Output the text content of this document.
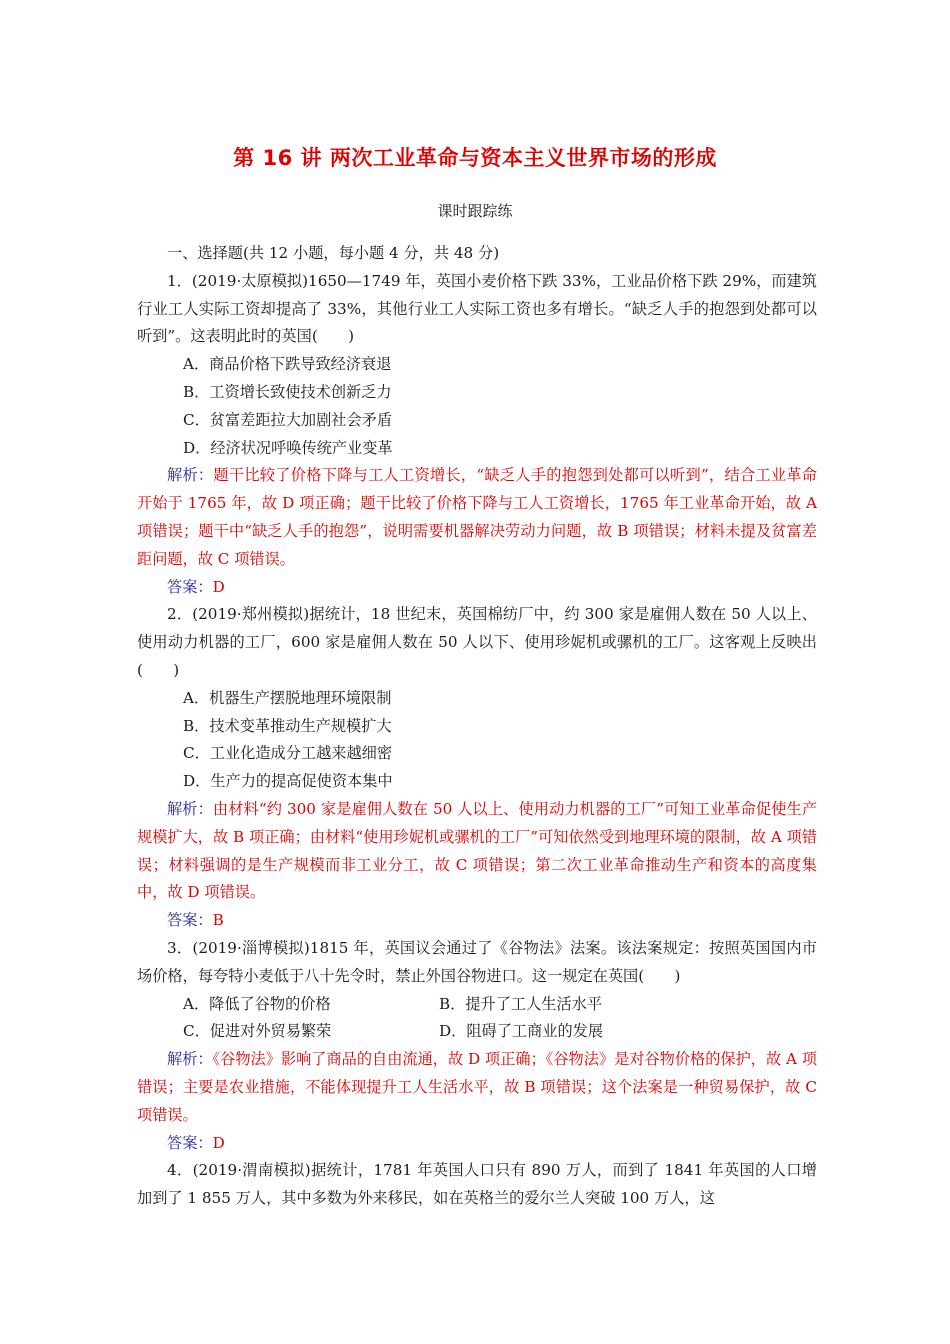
第 16 讲 两次工业革命与资本主义世界市场的形成
课时跟踪练

一、选择题(共 12 小题，每小题 4 分，共 48 分)

1．(2019·太原模拟)1650—1749 年，英国小麦价格下跌 33%，工业品价格下跌 29%，而建筑行业工人实际工资却提高了 33%，其他行业工人实际工资也多有增长。“缺乏人手的抱怨到处都可以听到”。这表明此时的英国(　　)

A．商品价格下跌导致经济衰退

B．工资增长致使技术创新乏力

C．贫富差距拉大加剧社会矛盾

D．经济状况呼唤传统产业变革

解析：题干比较了价格下降与工人工资增长，“缺乏人手的抱怨到处都可以听到”，结合工业革命开始于 1765 年，故 D 项正确；题干比较了价格下降与工人工资增长，1765 年工业革命开始，故 A 项错误；题干中“缺乏人手的抱怨”，说明需要机器解决劳动力问题，故 B 项错误；材料未提及贫富差距问题，故 C 项错误。

答案：D

2．(2019·郑州模拟)据统计，18 世纪末，英国棉纺厂中，约 300 家是雇佣人数在 50 人以上、使用动力机器的工厂，600 家是雇佣人数在 50 人以下、使用珍妮机或骡机的工厂。这客观上反映出(　　)

A．机器生产摆脱地理环境限制

B．技术变革推动生产规模扩大

C．工业化造成分工越来越细密

D．生产力的提高促使资本集中

解析：由材料“约 300 家是雇佣人数在 50 人以上、使用动力机器的工厂”可知工业革命促使生产规模扩大，故 B 项正确；由材料“使用珍妮机或骡机的工厂”可知依然受到地理环境的限制，故 A 项错误；材料强调的是生产规模而非工业分工，故 C 项错误；第二次工业革命推动生产和资本的高度集中，故 D 项错误。

答案：B

3．(2019·淄博模拟)1815 年，英国议会通过了《谷物法》法案。该法案规定：按照英国国内市场价格，每夸特小麦低于八十先令时，禁止外国谷物进口。这一规定在英国(　　)

A．降低了谷物的价格	B．提升了工人生活水平
C．促进对外贸易繁荣	D．阻碍了工商业的发展

解析：《谷物法》影响了商品的自由流通，故 D 项正确；《谷物法》是对谷物价格的保护，故 A 项错误；主要是农业措施，不能体现提升工人生活水平，故 B 项错误；这个法案是一种贸易保护，故 C 项错误。

答案：D

4．(2019·渭南模拟)据统计，1781 年英国人口只有 890 万人，而到了 1841 年英国的人口增加到了 1 855 万人，其中多数为外来移民，如在英格兰的爱尔兰人突破 100 万人，这
